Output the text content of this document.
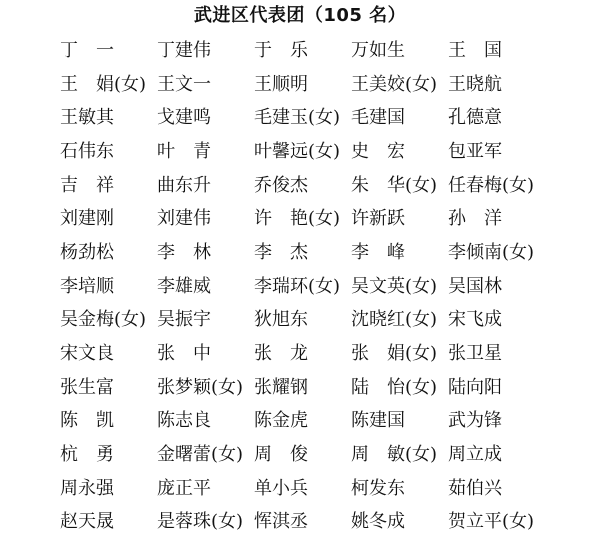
武进区代表团（105 名）
丁　一	丁建伟	于　乐	万如生	王　国
王　娟(女) 王文一	王顺明	王美姣(女) 王晓航
王敏其	戈建鸣	毛建玉(女) 毛建国	孔德意
石伟东	叶　青	叶馨远(女) 史　宏	包亚军
吉　祥	曲东升	乔俊杰	朱　华(女) 任春梅(女)
刘建刚	刘建伟	许　艳(女) 许新跃	孙　洋
杨劲松	李　林	李　杰	李　峰	李倾南(女)
李培顺	李雄威	李瑞环(女) 吴文英(女) 吴国林
吴金梅(女) 吴振宇	狄旭东	沈晓红(女) 宋飞成
宋文良	张　中	张　龙	张　娟(女) 张卫星
张生富	张梦颖(女) 张耀钢	陆　怡(女) 陆向阳
陈　凯	陈志良	陈金虎	陈建国	武为锋
杭　勇	金曙蕾(女) 周　俊	周　敏(女) 周立成
周永强	庞正平	单小兵	柯发东	茹伯兴
赵天晟	是蓉珠(女) 恽淇丞	姚冬成	贺立平(女)
